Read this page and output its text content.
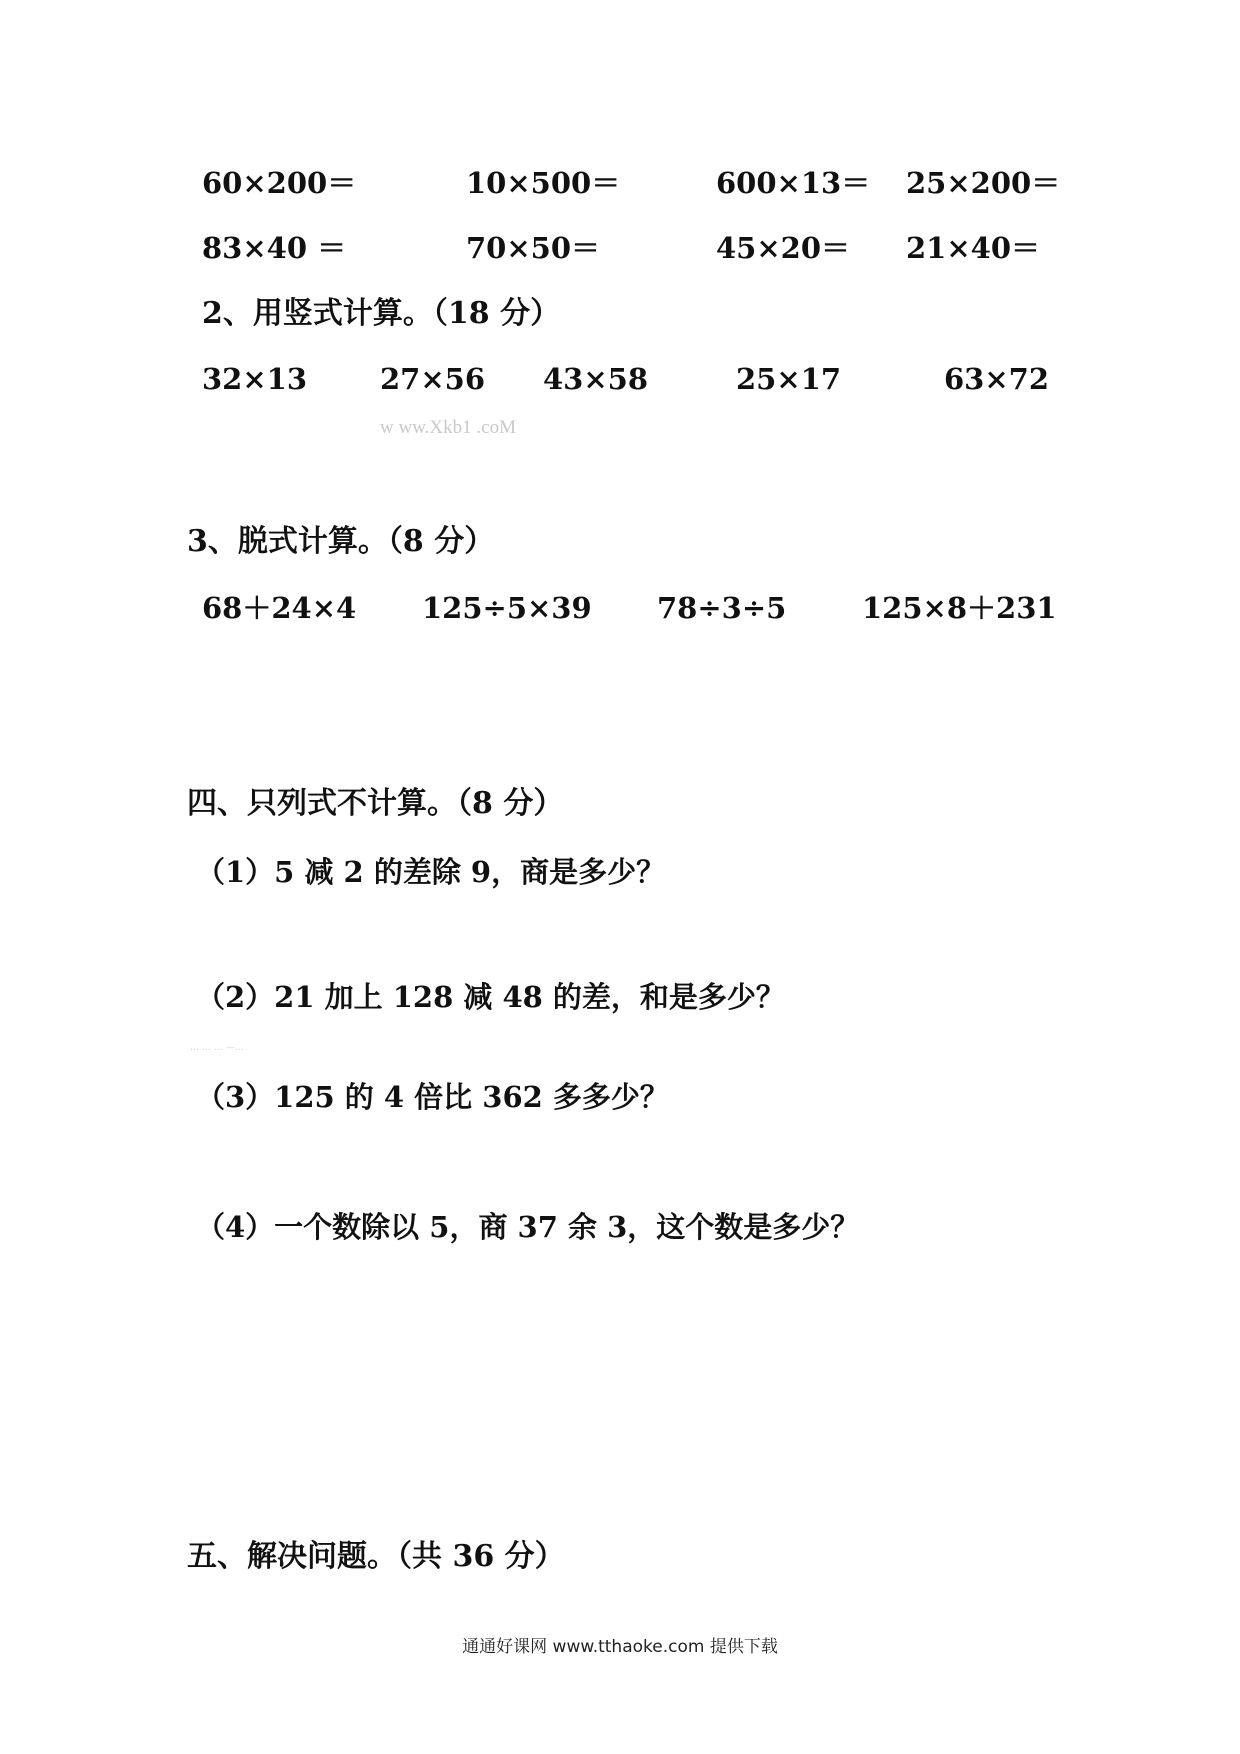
60×200＝	10×500＝	600×13＝ 25×200＝
83×40 ＝	70×50＝	45×20＝ 21×40＝
2、用竖式计算。（18 分）
32×13	27×56 43×58	25×17	63×72
w ww.Xkb1 .coM
3、脱式计算。（8 分）
68＋24×4 125÷5×39 78÷3÷5	125×8＋231
四、只列式不计算。（8 分）
（1）5 减 2 的差除 9，商是多少？
（2）21 加上 128 减 48 的差，和是多少？
… … … —…
（3）125 的 4 倍比 362 多多少？
（4）一个数除以 5，商 37 余 3，这个数是多少？
五、解决问题。（共 36 分）
通通好课网 www.tthaoke.com 提供下载
